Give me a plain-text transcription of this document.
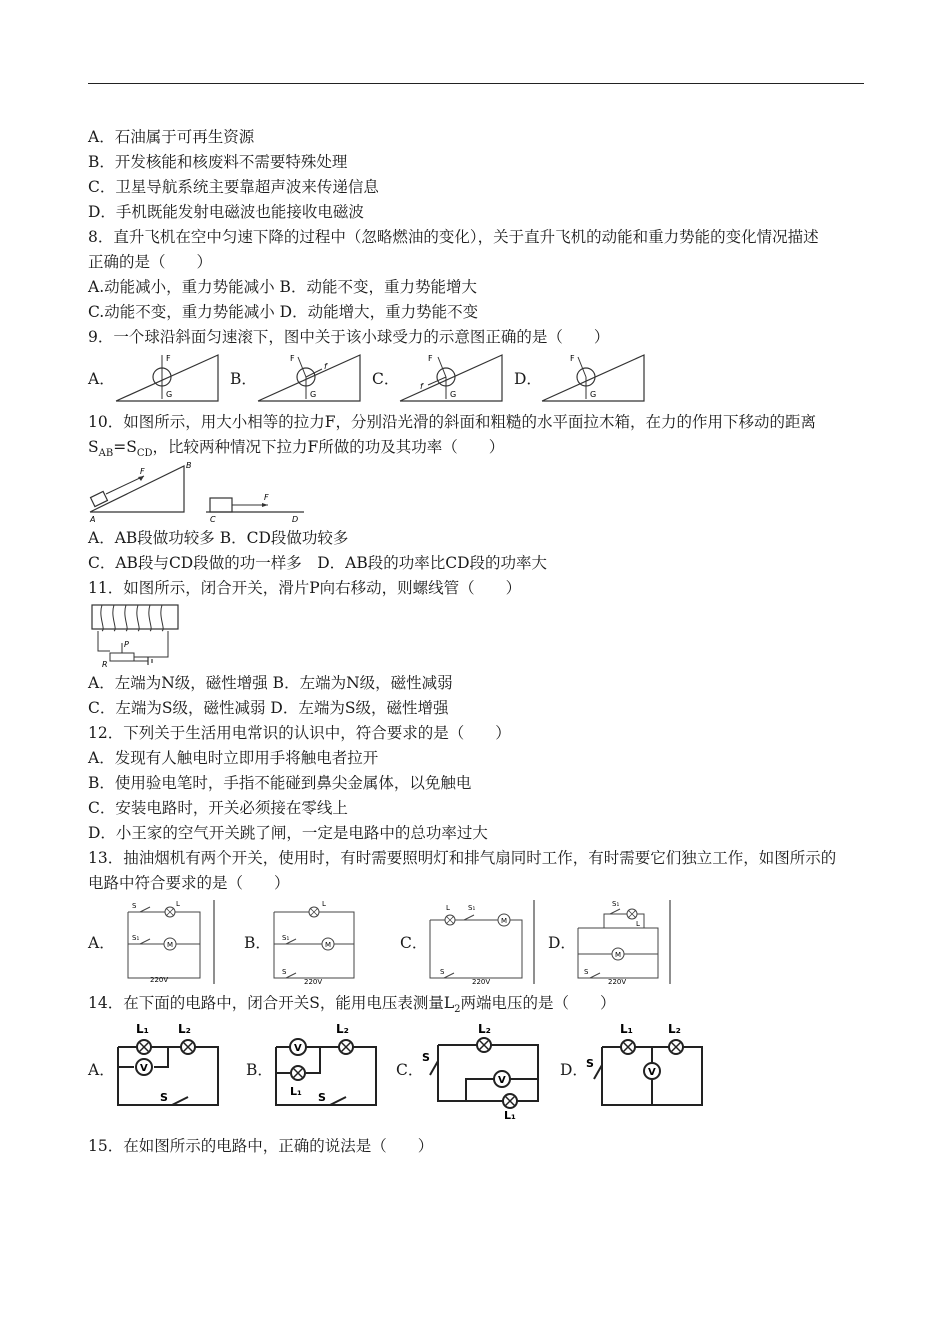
A．石油属于可再生资源
B．开发核能和核废料不需要特殊处理
C．卫星导航系统主要靠超声波来传递信息
D．手机既能发射电磁波也能接收电磁波
8．直升飞机在空中匀速下降的过程中（忽略燃油的变化），关于直升飞机的动能和重力势能的变化情况描述
正确的是（　　）
A.动能减小，重力势能减小 B．动能不变，重力势能增大
C.动能不变，重力势能减小 D．动能增大，重力势能不变
9．一个球沿斜面匀速滚下，图中关于该小球受力的示意图正确的是（　　）
A．
F
G
B．
F
f
G
C．
F
f
G
D．
F
G
10．如图所示，用大小相等的拉力F，分别沿光滑的斜面和粗糙的水平面拉木箱，在力的作用下移动的距离
$S_{AB}=S_{CD}$，比较两种情况下拉力F所做的功及其功率（　　）
F
A
B
F
C	D
A．AB段做功较多 B．CD段做功较多
C．AB段与CD段做的功一样多　D．AB段的功率比CD段的功率大
11．如图所示，闭合开关，滑片P向右移动，则螺线管（　　）
P
R
A．左端为N级，磁性增强 B．左端为N级，磁性减弱
C．左端为S级，磁性减弱 D．左端为S级，磁性增强
12．下列关于生活用电常识的认识中，符合要求的是（　　）
A．发现有人触电时立即用手将触电者拉开
B．使用验电笔时，手指不能碰到鼻尖金属体，以免触电
C．安装电路时，开关必须接在零线上
D．小王家的空气开关跳了闸，一定是电路中的总功率过大
13．抽油烟机有两个开关，使用时，有时需要照明灯和排气扇同时工作，有时需要它们独立工作，如图所示的
电路中符合要求的是（　　）
A．	M
S	L
S₁
220V
B．	M
L
S₁
S
220V
C．
M
L	S₁
S
220V
D．
M
S₁
L
S
220V
14．在下面的电路中，闭合开关S，能用电压表测量$L_2$两端电压的是（　　）
A．	V
L₁ L₂
S
B．
V
L₁
L₂
S
C．
V
S
L₂
L₁
D．	V
S
L₁	L₂
15．在如图所示的电路中，正确的说法是（　　）
